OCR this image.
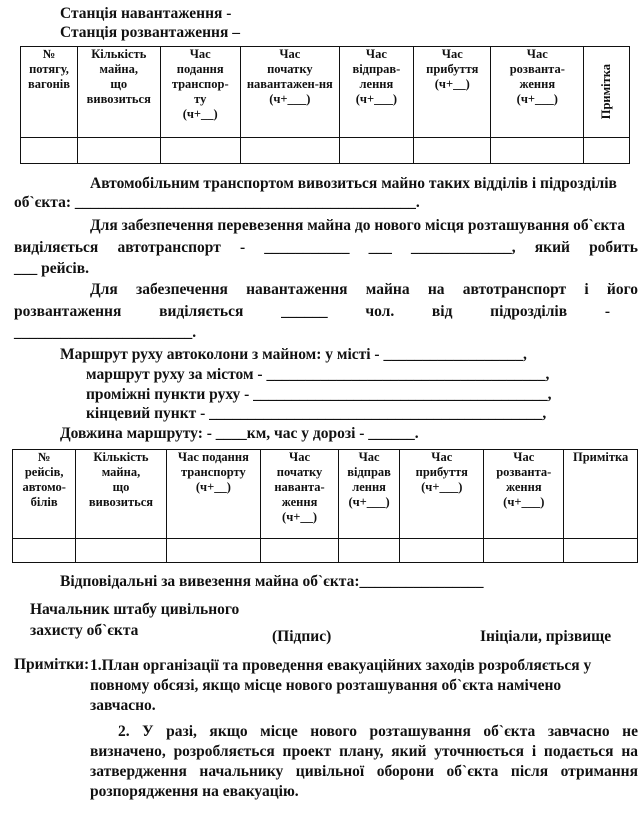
Станція навантаження -
Станція розвантаження –
№
потягу,
вагонів	Кількість
майна,
що
вивозиться	Час
подання
транспор-
ту
(ч+__)	Час
початку
навантажен-ня
(ч+___)	Час
відправ-
лення
(ч+___)	Час
прибуття
(ч+__)	Час
розванта-
ження
(ч+___)	Примітка

Автомобільним транспортом вивозиться майно таких відділів і підрозділів
об`єкта: ____________________________________________.
Для забезпечення перевезення майна до нового місця розташування об`єкта
виділяється автотранспорт - ___________ ___ _____________, який робить
___ рейсів.
Для забезпечення навантаження майна на автотранспорт і його
розвантаження виділяється ______ чол. від підрозділів -
_______________________.
Маршрут руху автоколони з майном: у місті - __________________,
маршрут руху за містом - ____________________________________,
проміжні пункти руху - ______________________________________,
кінцевий пункт - ___________________________________________,
Довжина маршруту: - ____км, час у дорозі - ______.
№
рейсів,
автомо-
білів	Кількість
майна,
що
вивозиться	Час подання
транспорту
(ч+__)	Час
початку
наванта-
ження
(ч+__)	Час
відправ
лення
(ч+___)	Час
прибуття
(ч+___)	Час
розванта-
ження
(ч+___)	Примітка

Відповідальні за вивезення майна об`єкта:________________
Начальник штабу цивільного
захисту об`єкта	(Підпис)	Ініціали, прізвище
Примітки: 1.План організації та проведення евакуаційних заходів розробляється у повному обсязі, якщо місце нового розташування об`єкта намічено завчасно.
2. У разі, якщо місце нового розташування об`єкта завчасно не визначено, розробляється проект плану, який уточнюється і подається на затвердження начальнику цивільної оборони об`єкта після отримання розпорядження на евакуацію.
